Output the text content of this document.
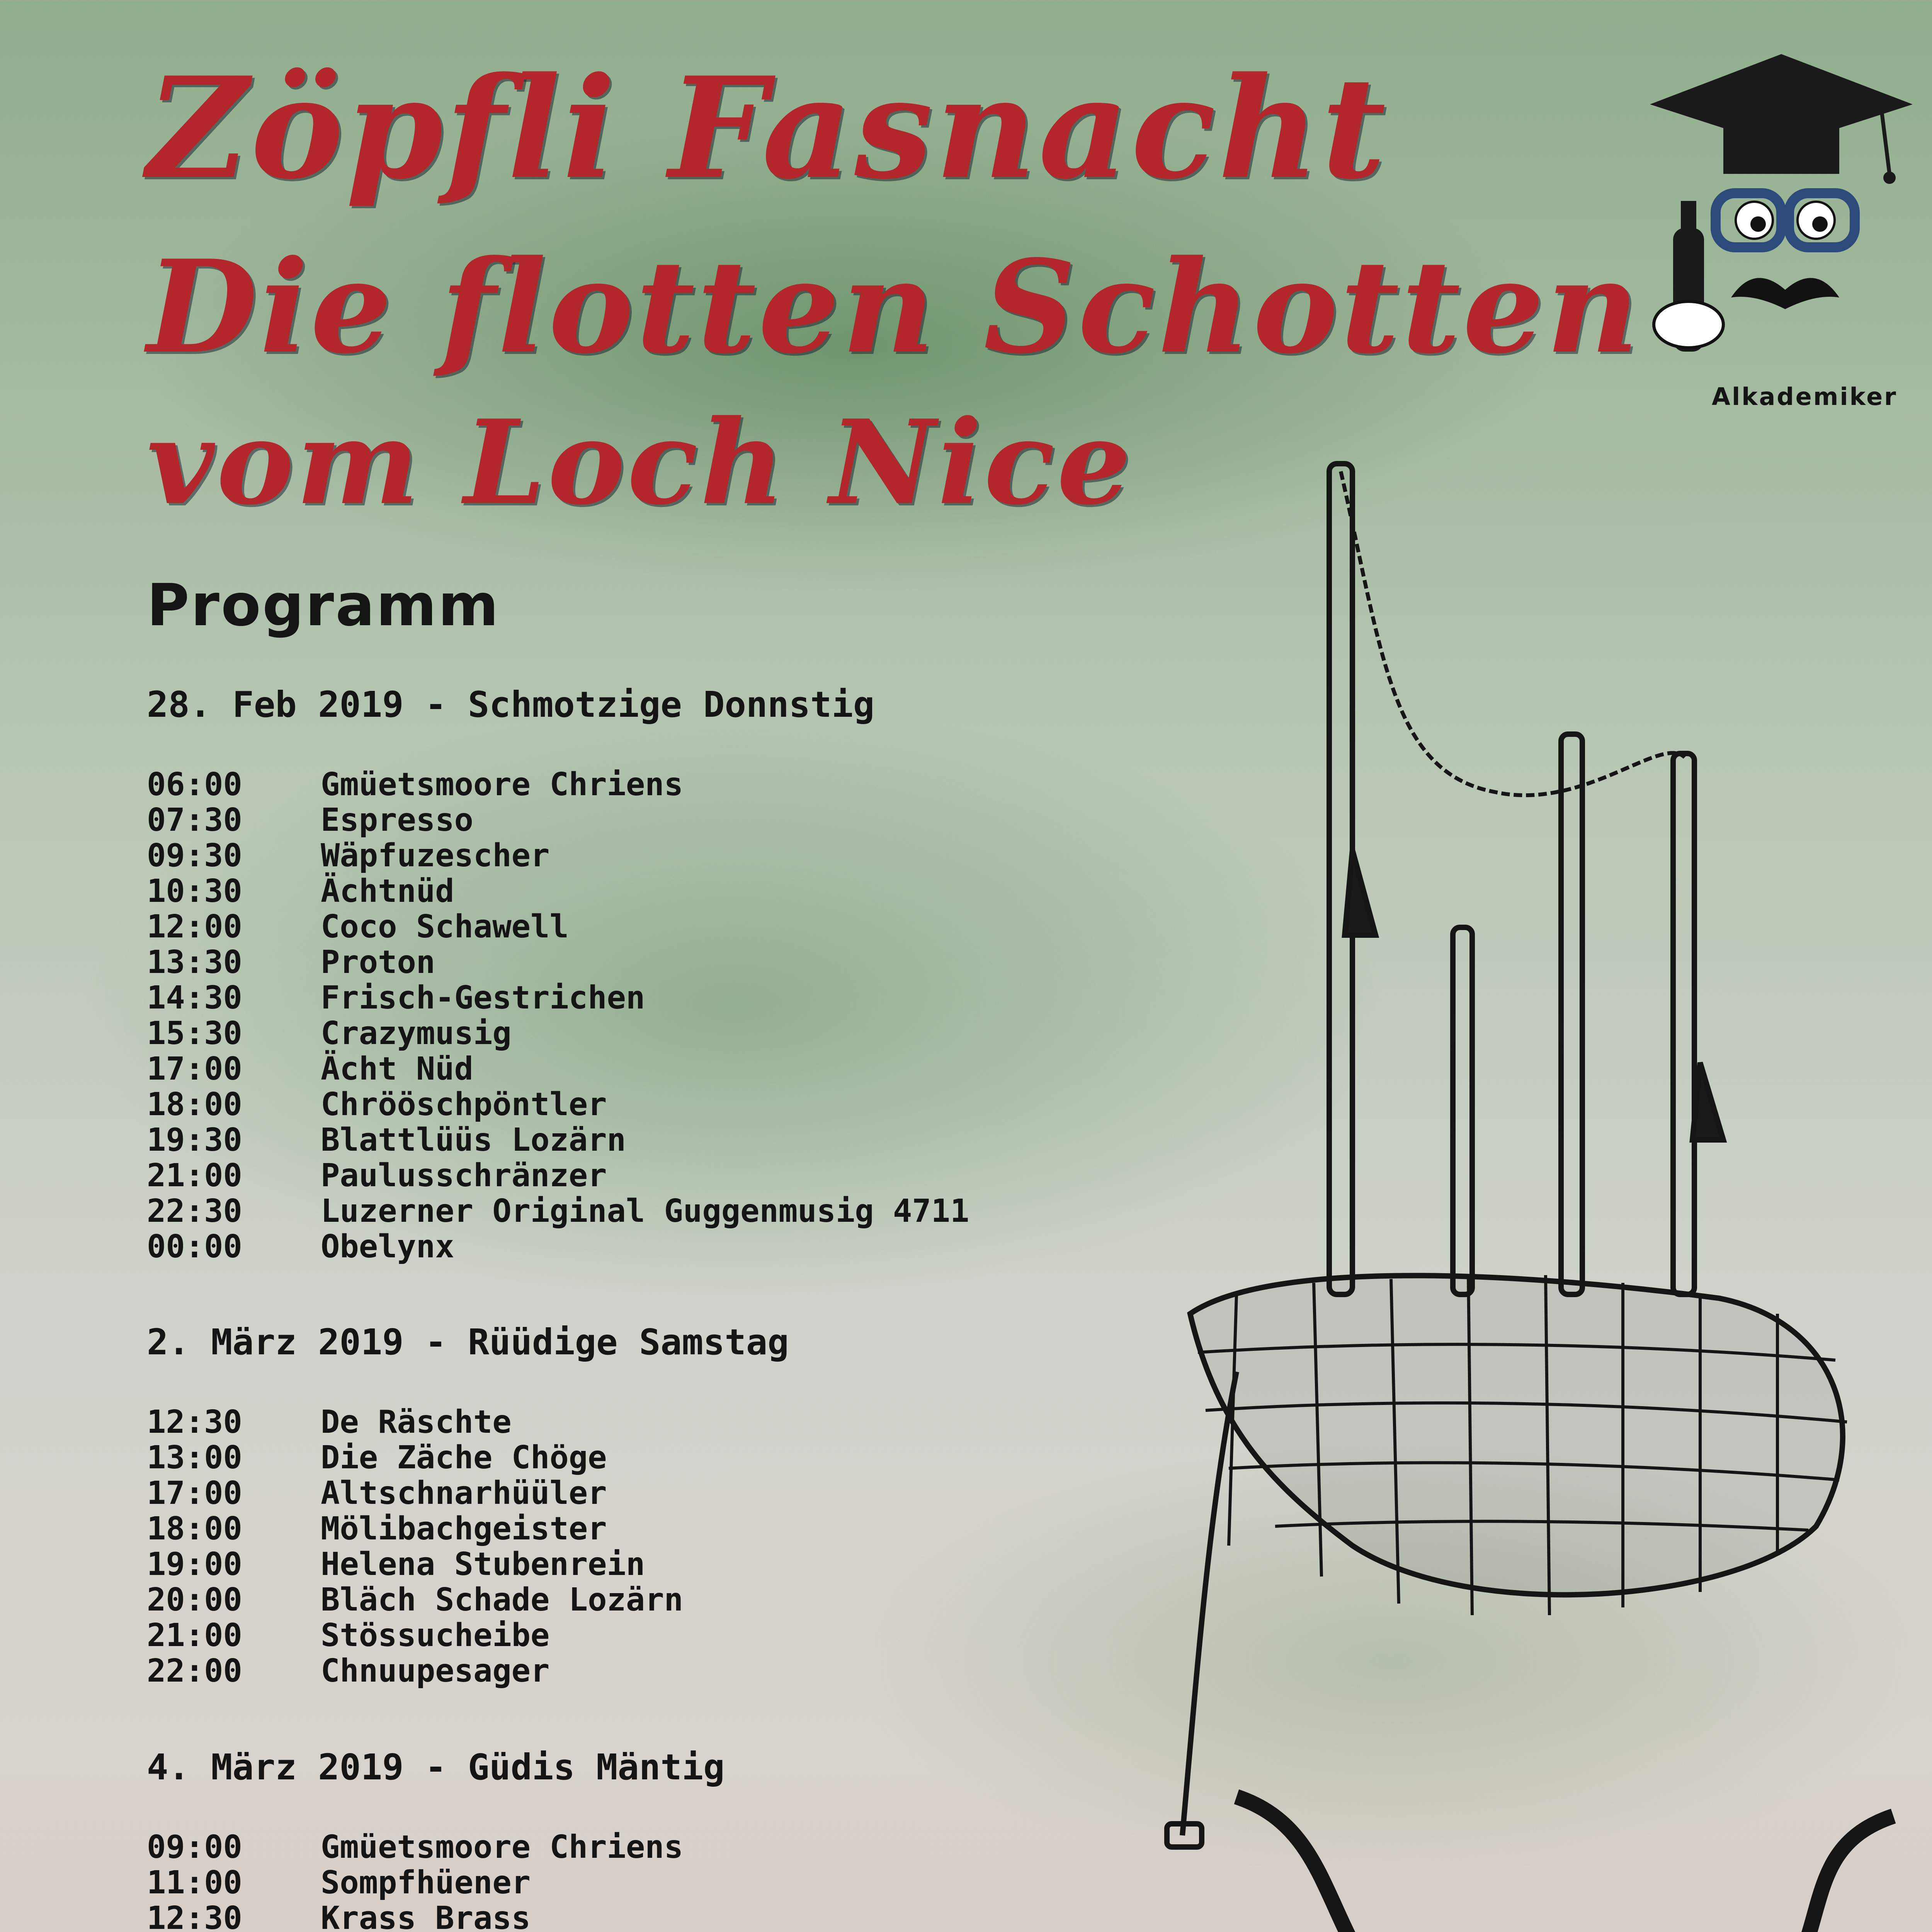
Zöpfli Fasnacht
Die flotten Schotten
vom Loch Nice	Alkademiker
Programm
28. Feb 2019 - Schmotzige Donnstig
06:00	Gmüetsmoore Chriens
07:30	Espresso
09:30	Wäpfuzescher
10:30	Ächtnüd
12:00	Coco Schawell
13:30	Proton
14:30	Frisch-Gestrichen
15:30	Crazymusig
17:00	Ächt Nüd
18:00	Chrööschpöntler
19:30	Blattlüüs Lozärn
21:00	Paulusschränzer
22:30	Luzerner Original Guggenmusig 4711
00:00	Obelynx
2. März 2019 - Rüüdige Samstag
12:30	De Räschte
13:00	Die Zäche Chöge
17:00	Altschnarhüüler
18:00	Mölibachgeister
19:00	Helena Stubenrein
20:00	Bläch Schade Lozärn
21:00	Stössucheibe
22:00	Chnuupesager
4. März 2019 - Güdis Mäntig
09:00	Gmüetsmoore Chriens
11:00	Sompfhüener
12:30	Krass Brass
